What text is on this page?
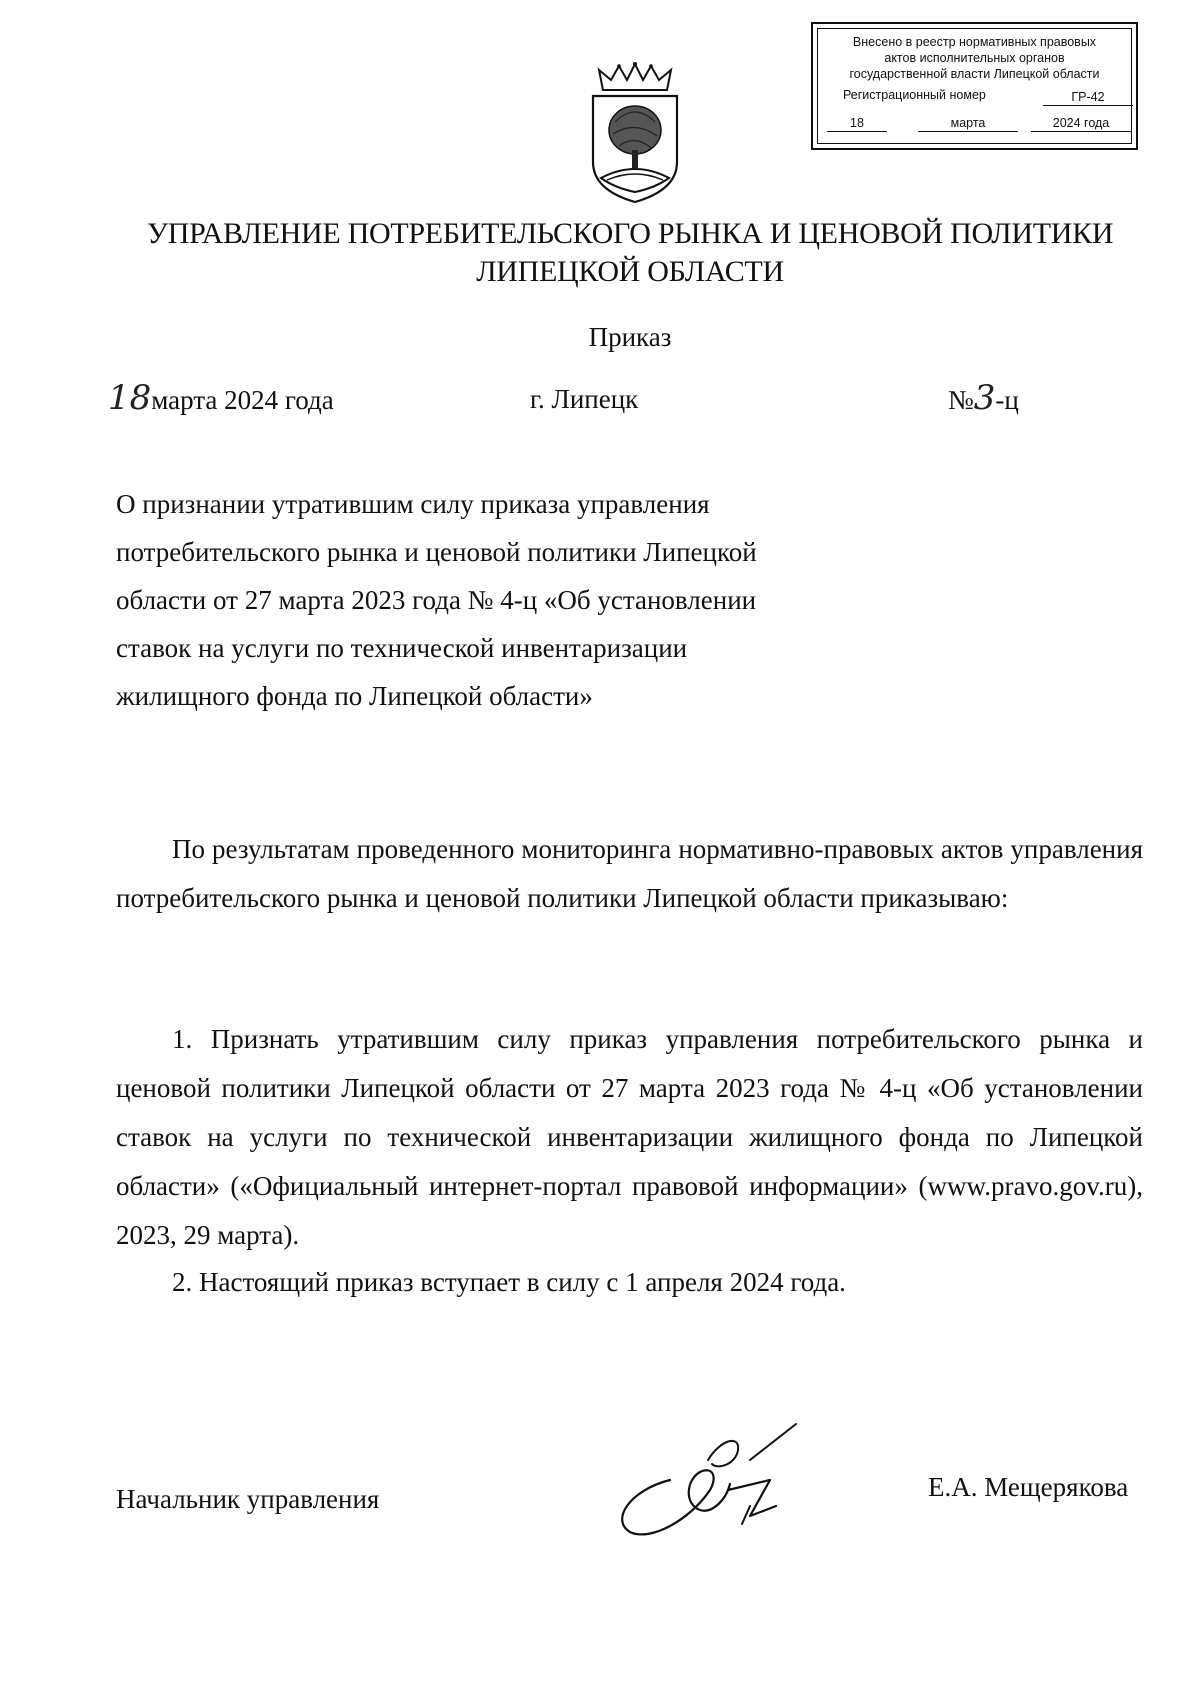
Внесено в реестр нормативных правовых
актов исполнительных органов
государственной власти Липецкой области
Регистрационный номер	ГР-42
18	марта	2024 года
УПРАВЛЕНИЕ ПОТРЕБИТЕЛЬСКОГО РЫНКА И ЦЕНОВОЙ ПОЛИТИКИ
ЛИПЕЦКОЙ ОБЛАСТИ
Приказ
18марта 2024 года	г. Липецк	№3-ц
О признании утратившим силу приказа управления
потребительского рынка и ценовой политики Липецкой
области от 27 марта 2023 года № 4-ц «Об установлении
ставок на услуги по технической инвентаризации
жилищного фонда по Липецкой области»
По результатам проведенного мониторинга нормативно-правовых актов управления потребительского рынка и ценовой политики Липецкой области приказываю:
1. Признать утратившим силу приказ управления потребительского рынка и ценовой политики Липецкой области от 27 марта 2023 года № 4-ц «Об установлении ставок на услуги по технической инвентаризации жилищного фонда по Липецкой области» («Официальный интернет-портал правовой информации» (www.pravo.gov.ru), 2023, 29 марта).
2. Настоящий приказ вступает в силу с 1 апреля 2024 года.
Начальник управления	Е.А. Мещерякова
